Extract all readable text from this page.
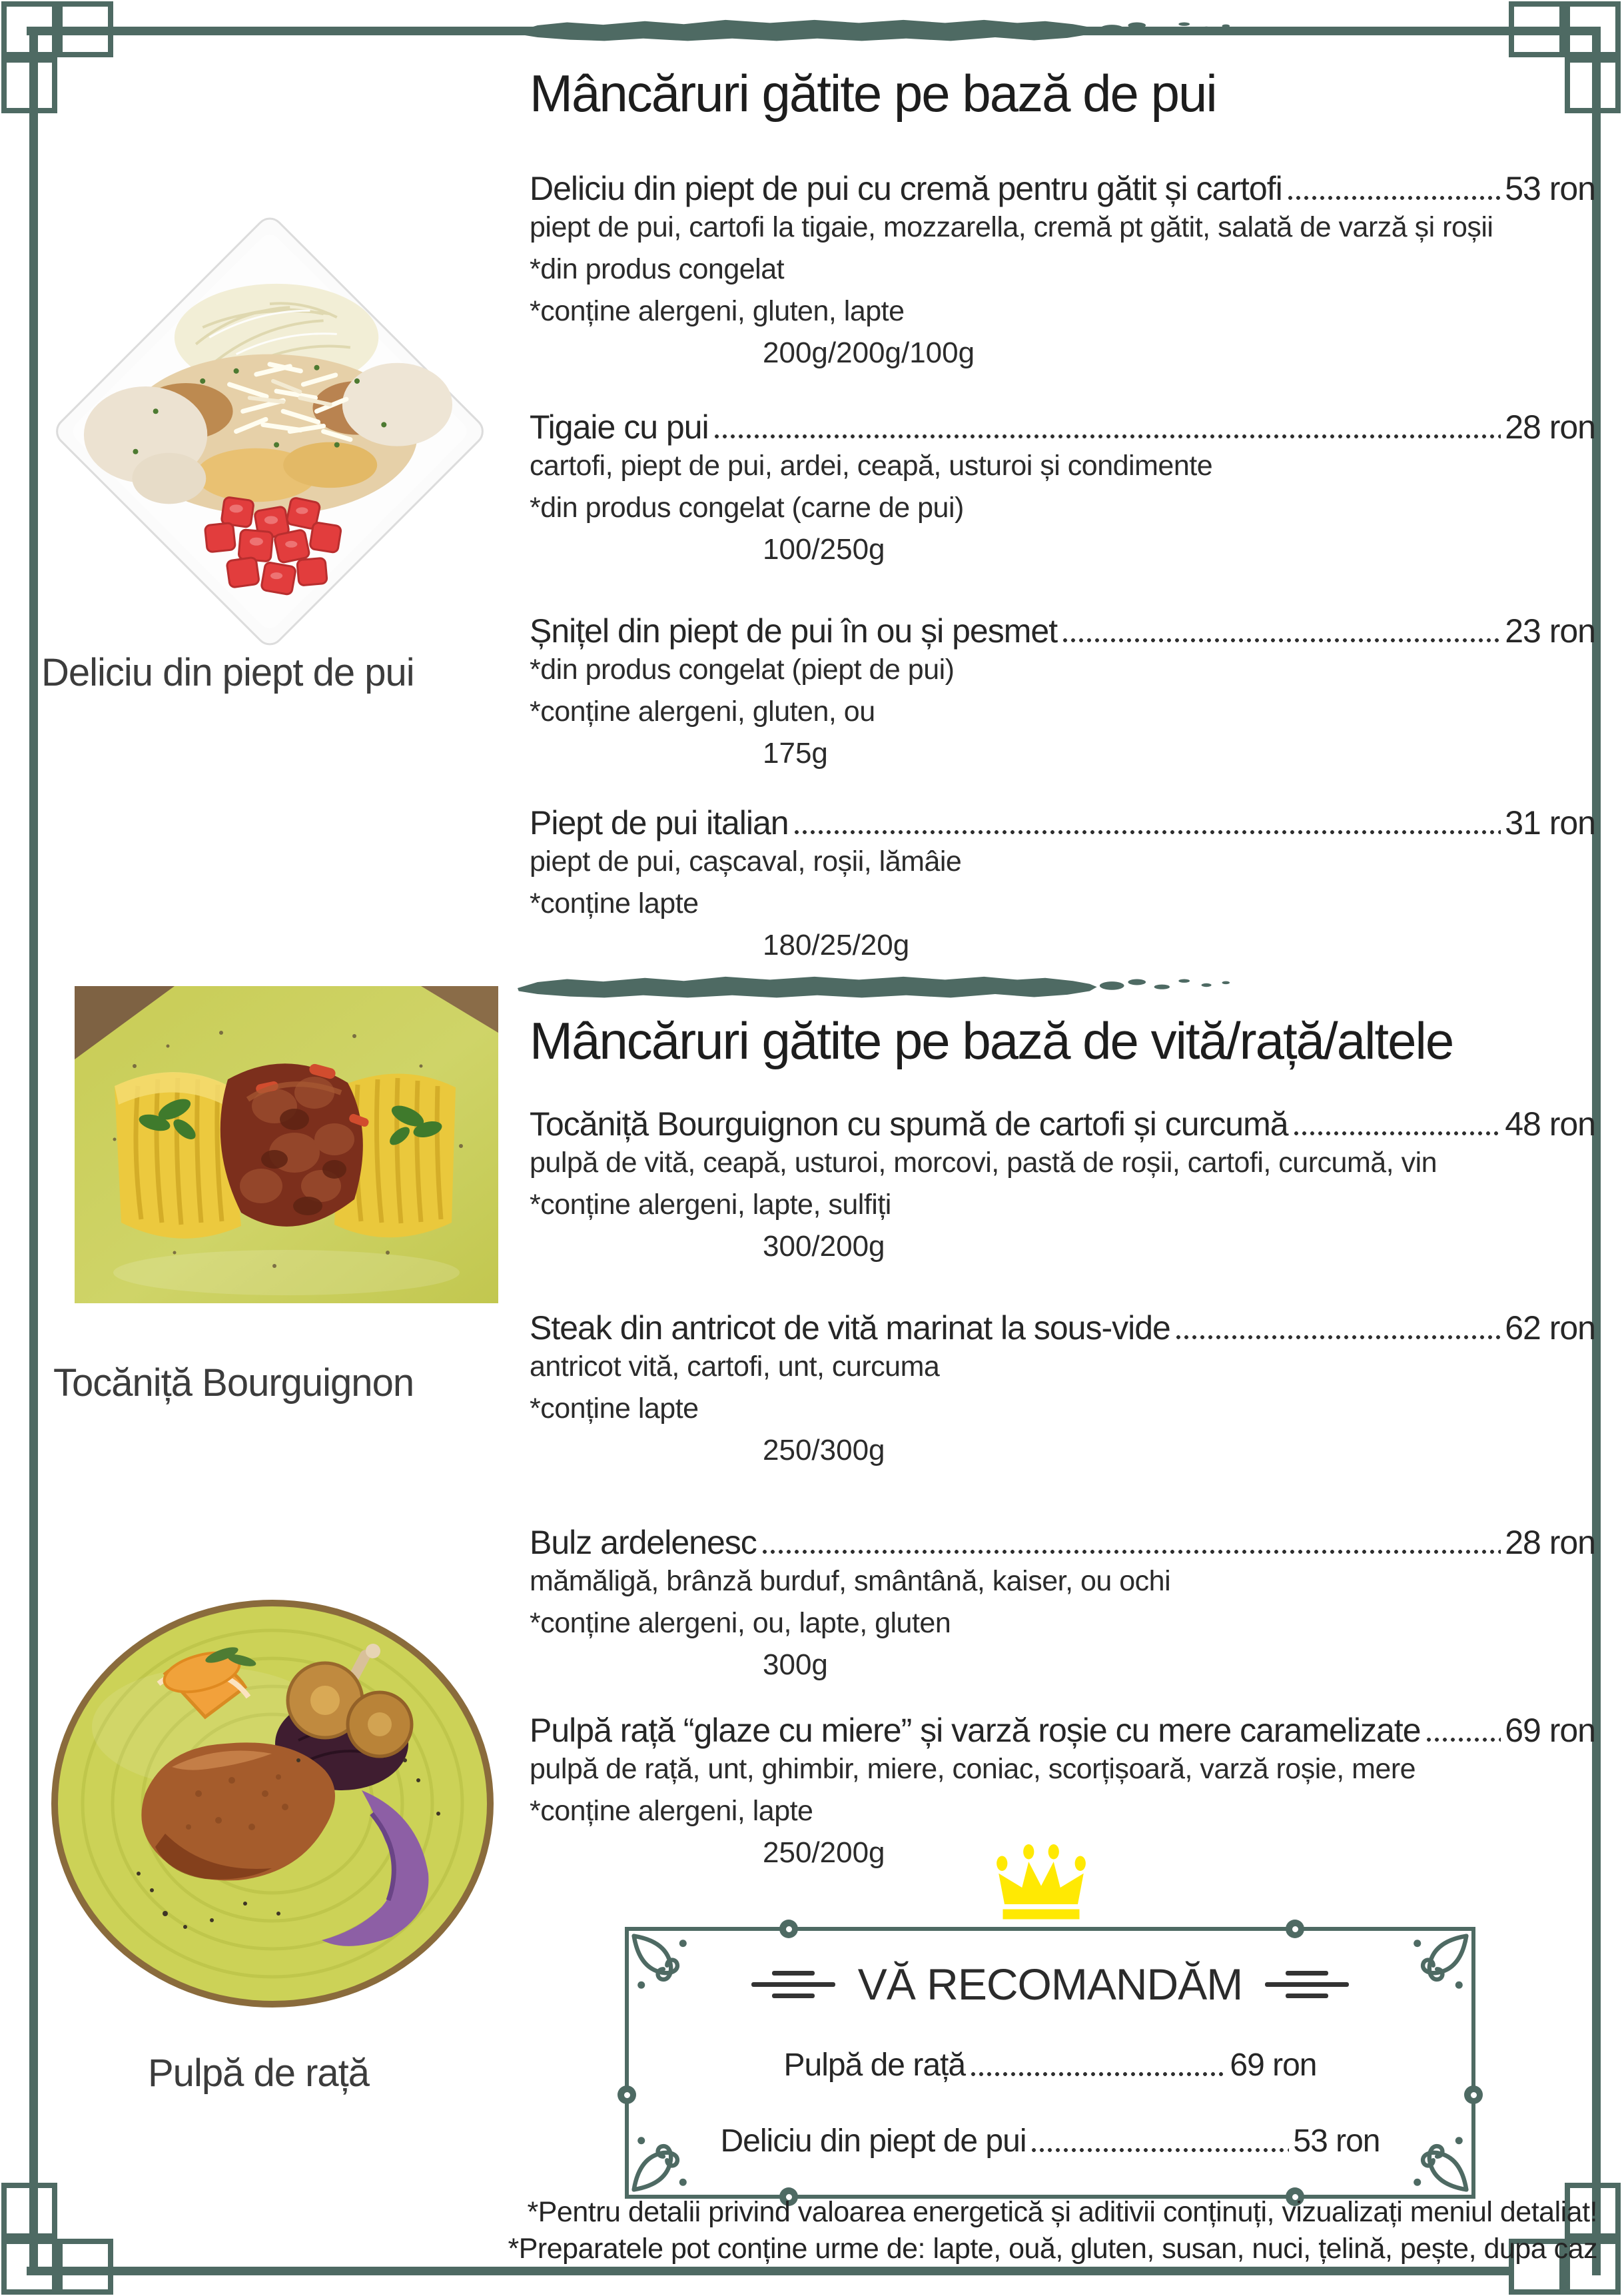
Mâncăruri gătite pe bază de pui
Mâncăruri gătite pe bază de vită/rață/altele
Deliciu din piept de pui cu cremă pentru gătit și cartofi	53 ron
piept de pui, cartofi la tigaie, mozzarella, cremă pt gătit, salată de varză și roșii
*din produs congelat
*conține alergeni, gluten, lapte
200g/200g/100g
Tigaie cu pui	28 ron
cartofi, piept de pui, ardei, ceapă, usturoi și condimente
*din produs congelat (carne de pui)
100/250g
Șnițel din piept de pui în ou și pesmet	23 ron
*din produs congelat (piept de pui)
*conține alergeni, gluten, ou
175g
Piept de pui italian	31 ron
piept de pui, cașcaval, roșii, lămâie
*conține lapte
180/25/20g
Tocăniță Bourguignon cu spumă de cartofi și curcumă	48 ron
pulpă de vită, ceapă, usturoi, morcovi, pastă de roșii, cartofi, curcumă, vin
*conține alergeni, lapte, sulfiți
300/200g
Steak din antricot de vită marinat la sous-vide	62 ron
antricot vită, cartofi, unt, curcuma
*conține lapte
250/300g
Bulz ardelenesc	28 ron
mămăligă, brânză burduf, smântână, kaiser, ou ochi
*conține alergeni, ou, lapte, gluten
300g
Pulpă rață “glaze cu miere” și varză roșie cu mere caramelizate	69 ron
pulpă de rață, unt, ghimbir, miere, coniac, scorțișoară, varză roșie, mere
*conține alergeni, lapte
250/200g
Deliciu din piept de pui
Tocăniță Bourguignon
Pulpă de rață
VĂ RECOMANDĂM
Pulpă de rață	69 ron
Deliciu din piept de pui	53 ron
*Pentru detalii privind valoarea energetică și aditivii conținuți, vizualizați meniul detaliat!
*Preparatele pot conține urme de: lapte, ouă, gluten, susan, nuci, țelină, pește, dupa caz
